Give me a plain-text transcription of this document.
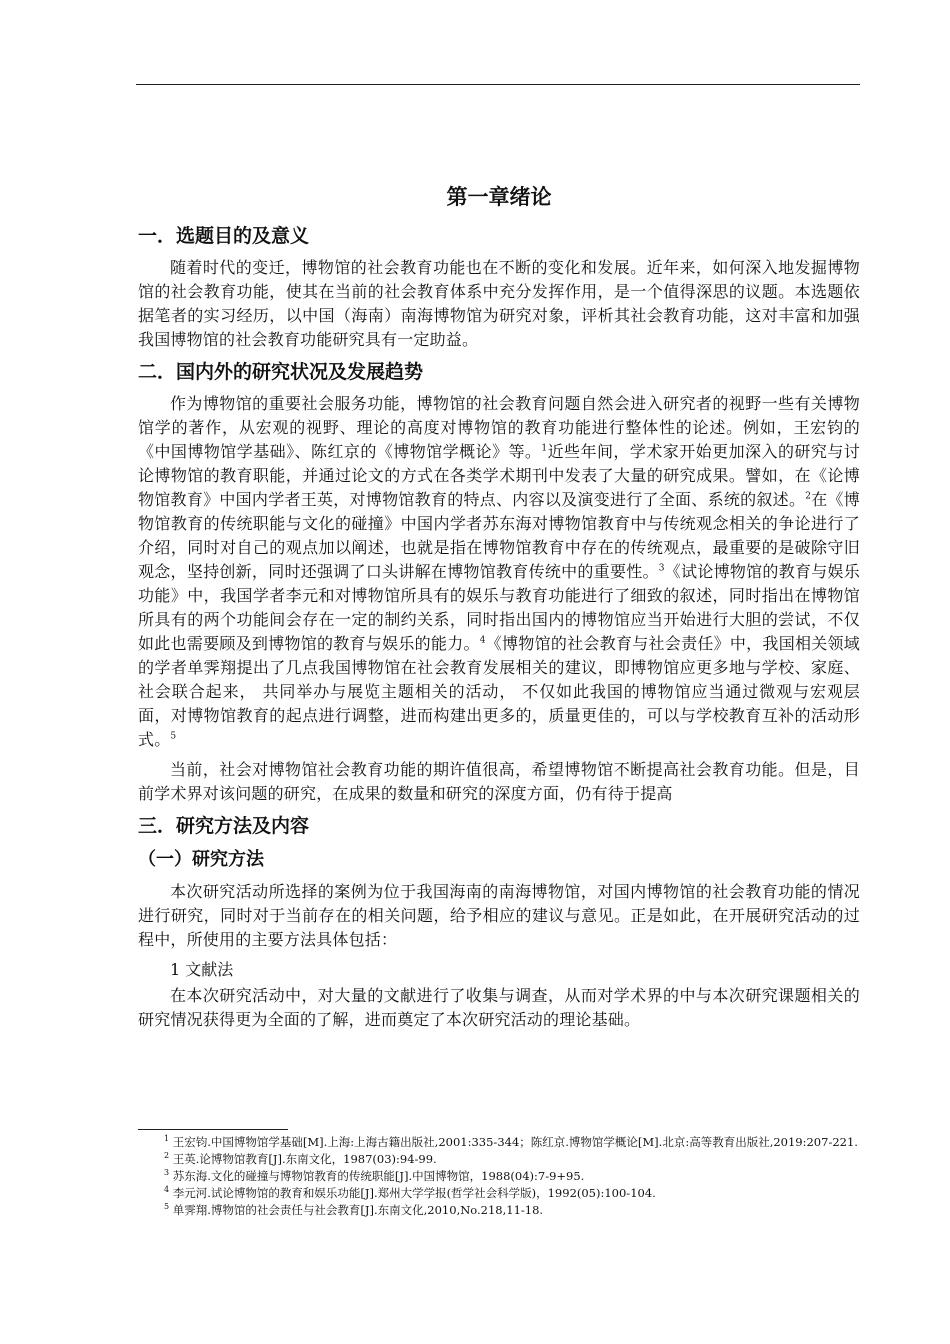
第一章绪论
一．选题目的及意义

随着时代的变迁，博物馆的社会教育功能也在不断的变化和发展。近年来，如何深入地发掘博物馆的社会教育功能，使其在当前的社会教育体系中充分发挥作用，是一个值得深思的议题。本选题依据笔者的实习经历，以中国（海南）南海博物馆为研究对象，评析其社会教育功能，这对丰富和加强我国博物馆的社会教育功能研究具有一定助益。

二．国内外的研究状况及发展趋势

作为博物馆的重要社会服务功能，博物馆的社会教育问题自然会进入研究者的视野一些有关博物馆学的著作，从宏观的视野、理论的高度对博物馆的教育功能进行整体性的论述。例如，王宏钧的《中国博物馆学基础》、陈红京的《博物馆学概论》等。$^1$近些年间，学术家开始更加深入的研究与讨论博物馆的教育职能，并通过论文的方式在各类学术期刊中发表了大量的研究成果。譬如，在《论博物馆教育》中国内学者王英，对博物馆教育的特点、内容以及演变进行了全面、系统的叙述。$^2$在《博物馆教育的传统职能与文化的碰撞》中国内学者苏东海对博物馆教育中与传统观念相关的争论进行了介绍，同时对自己的观点加以阐述，也就是指在博物馆教育中存在的传统观点，最重要的是破除守旧观念，坚持创新，同时还强调了口头讲解在博物馆教育传统中的重要性。$^3$《试论博物馆的教育与娱乐功能》中，我国学者李元和对博物馆所具有的娱乐与教育功能进行了细致的叙述，同时指出在博物馆所具有的两个功能间会存在一定的制约关系，同时指出国内的博物馆应当开始进行大胆的尝试，不仅如此也需要顾及到博物馆的教育与娱乐的能力。$^4$《博物馆的社会教育与社会责任》中，我国相关领域的学者单霁翔提出了几点我国博物馆在社会教育发展相关的建议，即博物馆应更多地与学校、家庭、社会联合起来， 共同举办与展览主题相关的活动， 不仅如此我国的博物馆应当通过微观与宏观层面，对博物馆教育的起点进行调整，进而构建出更多的，质量更佳的，可以与学校教育互补的活动形式。$^5$

当前，社会对博物馆社会教育功能的期许值很高，希望博物馆不断提高社会教育功能。但是，目前学术界对该问题的研究，在成果的数量和研究的深度方面，仍有待于提高

三．研究方法及内容
（一）研究方法

本次研究活动所选择的案例为位于我国海南的南海博物馆，对国内博物馆的社会教育功能的情况进行研究，同时对于当前存在的相关问题，给予相应的建议与意见。正是如此，在开展研究活动的过程中，所使用的主要方法具体包括：

1 文献法

在本次研究活动中，对大量的文献进行了收集与调查，从而对学术界的中与本次研究课题相关的研究情况获得更为全面的了解，进而奠定了本次研究活动的理论基础。

$^1$ 王宏钧.中国博物馆学基础[M].上海:上海古籍出版社,2001:335-344；陈红京.博物馆学概论[M].北京:高等教育出版社,2019:207-221.

$^2$ 王英.论博物馆教育[J].东南文化，1987(03):94-99.

$^3$ 苏东海.文化的碰撞与博物馆教育的传统职能[J].中国博物馆，1988(04):7-9+95.

$^4$ 李元河.试论博物馆的教育和娱乐功能[J].郑州大学学报(哲学社会科学版)，1992(05):100-104.

$^5$ 单霁翔.博物馆的社会责任与社会教育[J].东南文化,2010,No.218,11-18.
